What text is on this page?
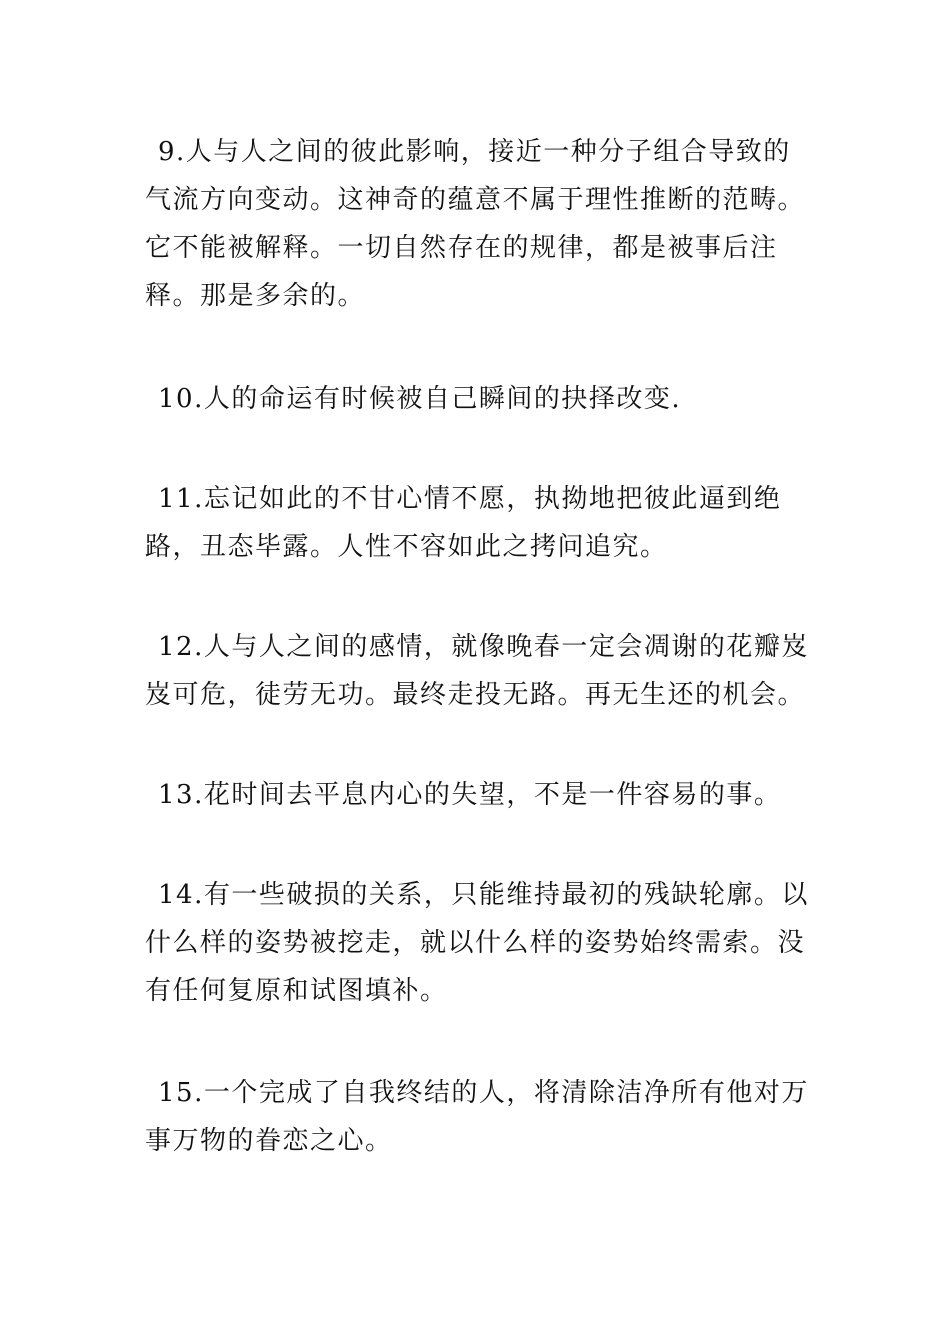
9.人与人之间的彼此影响，接近一种分子组合导致的气流方向变动。这神奇的蕴意不属于理性推断的范畴。它不能被解释。一切自然存在的规律，都是被事后注释。那是多余的。

10.人的命运有时候被自己瞬间的抉择改变.

11.忘记如此的不甘心情不愿，执拗地把彼此逼到绝路，丑态毕露。人性不容如此之拷问追究。

12.人与人之间的感情，就像晚春一定会凋谢的花瓣岌岌可危，徒劳无功。最终走投无路。再无生还的机会。

13.花时间去平息内心的失望，不是一件容易的事。

14.有一些破损的关系，只能维持最初的残缺轮廓。以什么样的姿势被挖走，就以什么样的姿势始终需索。没有任何复原和试图填补。

15.一个完成了自我终结的人，将清除洁净所有他对万事万物的眷恋之心。
